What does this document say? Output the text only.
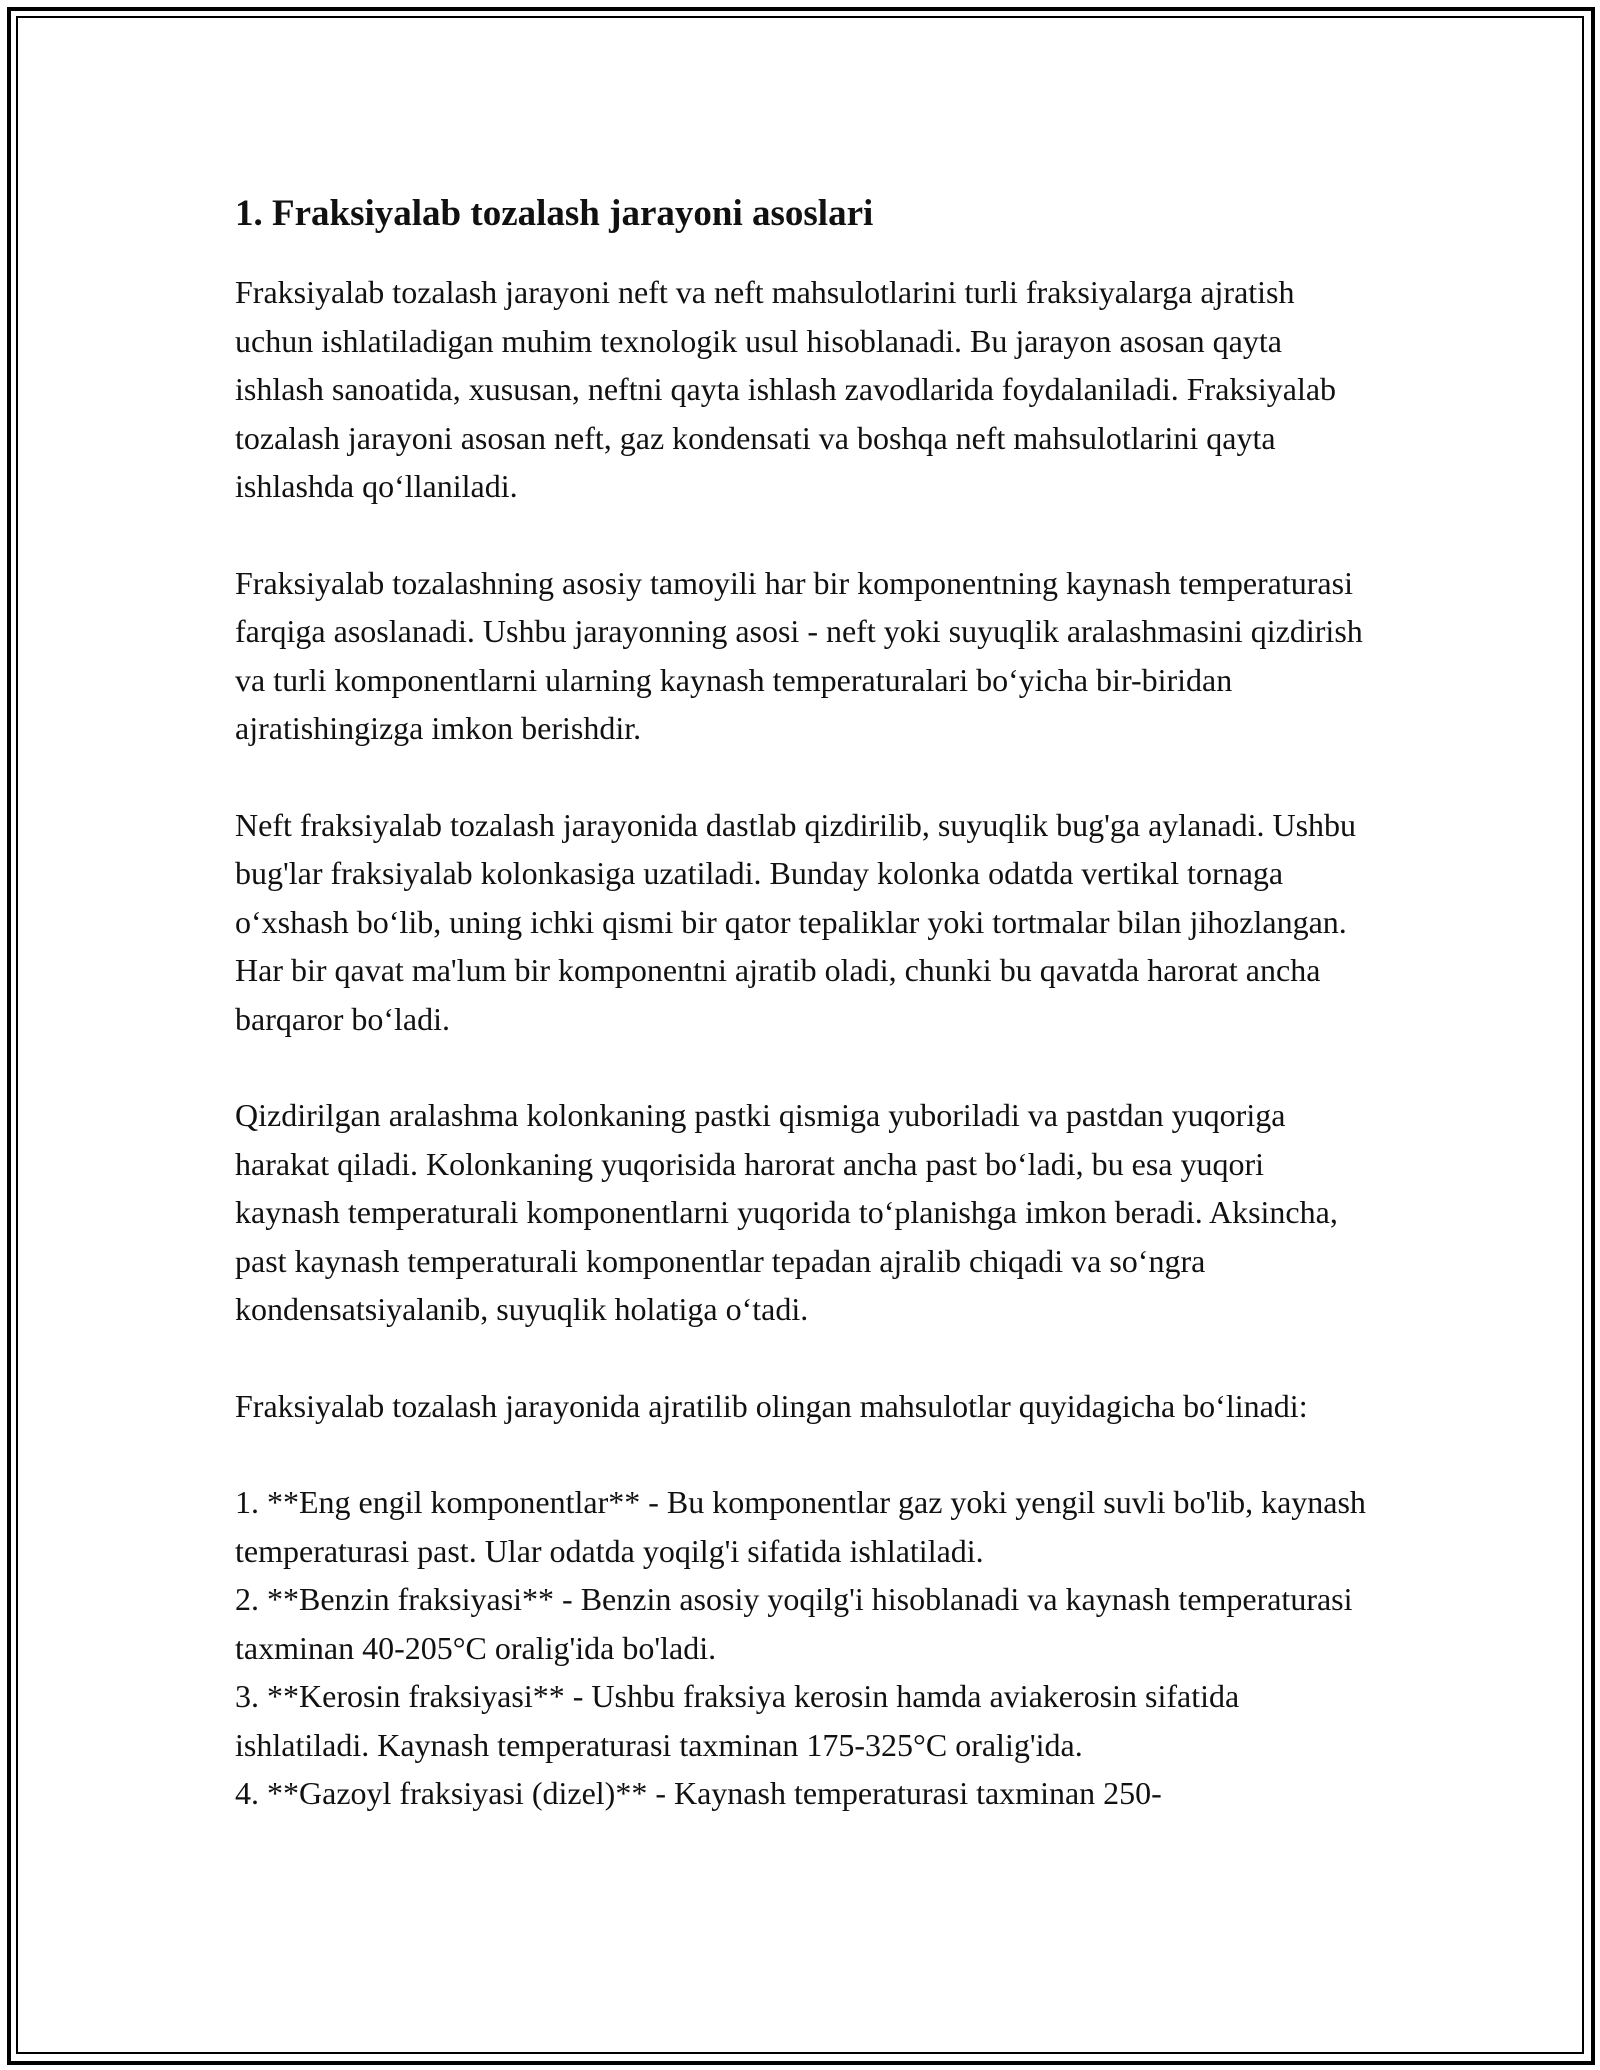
1. Fraksiyalab tozalash jarayoni asoslari

Fraksiyalab tozalash jarayoni neft va neft mahsulotlarini turli fraksiyalarga ajratish uchun ishlatiladigan muhim texnologik usul hisoblanadi. Bu jarayon asosan qayta ishlash sanoatida, xususan, neftni qayta ishlash zavodlarida foydalaniladi. Fraksiyalab tozalash jarayoni asosan neft, gaz kondensati va boshqa neft mahsulotlarini qayta ishlashda qoʻllaniladi.

Fraksiyalab tozalashning asosiy tamoyili har bir komponentning kaynash temperaturasi farqiga asoslanadi. Ushbu jarayonning asosi - neft yoki suyuqlik aralashmasini qizdirish va turli komponentlarni ularning kaynash temperaturalari boʻyicha bir-biridan ajratishingizga imkon berishdir.

Neft fraksiyalab tozalash jarayonida dastlab qizdirilib, suyuqlik bug'ga aylanadi. Ushbu bug'lar fraksiyalab kolonkasiga uzatiladi. Bunday kolonka odatda vertikal tornaga oʻxshash boʻlib, uning ichki qismi bir qator tepaliklar yoki tortmalar bilan jihozlangan. Har bir qavat ma'lum bir komponentni ajratib oladi, chunki bu qavatda harorat ancha barqaror boʻladi.

Qizdirilgan aralashma kolonkaning pastki qismiga yuboriladi va pastdan yuqoriga harakat qiladi. Kolonkaning yuqorisida harorat ancha past boʻladi, bu esa yuqori kaynash temperaturali komponentlarni yuqorida toʻplanishga imkon beradi. Aksincha, past kaynash temperaturali komponentlar tepadan ajralib chiqadi va soʻngra kondensatsiyalanib, suyuqlik holatiga oʻtadi.

Fraksiyalab tozalash jarayonida ajratilib olingan mahsulotlar quyidagicha boʻlinadi:

1. **Eng engil komponentlar** - Bu komponentlar gaz yoki yengil suvli bo'lib, kaynash temperaturasi past. Ular odatda yoqilg'i sifatida ishlatiladi.
2. **Benzin fraksiyasi** - Benzin asosiy yoqilg'i hisoblanadi va kaynash temperaturasi taxminan 40-205°C oralig'ida bo'ladi.
3. **Kerosin fraksiyasi** - Ushbu fraksiya kerosin hamda aviakerosin sifatida ishlatiladi. Kaynash temperaturasi taxminan 175-325°C oralig'ida.
4. **Gazoyl fraksiyasi (dizel)** - Kaynash temperaturasi taxminan 250-
